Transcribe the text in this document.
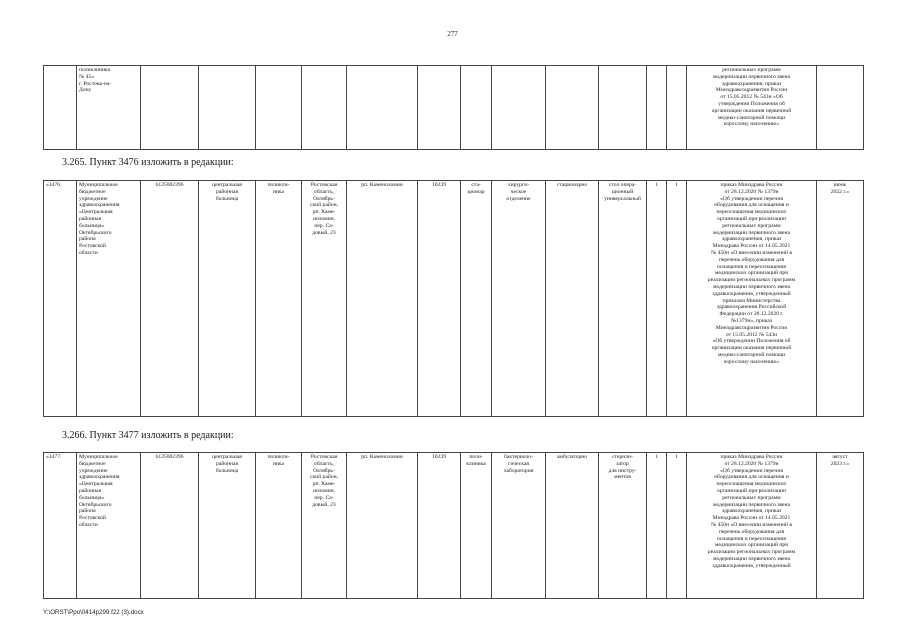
277
	поликлиника
№ 45»
г. Ростова-на-
Дону													региональных программ
модернизации первичного звена
здравоохранения, приказ
Минздравсоцразвития России
от 15.05.2012 № 543н «Об
утверждении Положения об
организации оказания первичной
медико-санитарной помощи
взрослому населению»	
3.265. Пункт 3476 изложить в редакции:
«3476.	Муниципальное
бюджетное
учреждение
здравоохранения
«Центральная
районная
больница»
Октябрьского
района
Ростовской
области	6125002396	центральная
районная
больница	поликли-
ника	Ростовская
область,
Октябрь-
ский район,
рп. Каме-
ноломни,
пер. Са-
довый, 23	рп. Каменоломни	10239	ста-
ционар	хирурги-
ческое
отделение	стационарно	стол опера-
ционный
универсальный	1	1	приказ Минздрава России
от 28.12.2020 № 1379н
«Об утверждении перечня
оборудования для оснащения и
переоснащения медицинских
организаций при реализации
региональных программ
модернизации первичного звена
здравоохранения, приказ
Минздрава России от 14.05.2021
№ 450н «О внесении изменений в
перечень оборудования для
оснащения и переоснащения
медицинских организаций при
реализации региональных программ
модернизации первичного звена
здравоохранения, утвержденный
приказом Министерства
здравоохранения Российской
Федерации от 28.12.2020 г.
№1379н», приказ
Минздравсоцразвития России
от 15.05.2012 № 543н
«Об утверждении Положения об
организации оказания первичной
медико-санитарной помощи
взрослому населению»	июнь
2022 г.»
3.266. Пункт 3477 изложить в редакции:
«3477.	Муниципальное
бюджетное
учреждение
здравоохранения
«Центральная
районная
больница»
Октябрьского
района
Ростовской
области	6125002396	центральная
районная
больница	поликли-
ника	Ростовская
область,
Октябрь-
ский район,
рп. Каме-
ноломни,
пер. Са-
довый, 23	рп. Каменоломни	10239	поли-
клиника	бактериоло-
гическая
лаборатория	амбулаторно	стерили-
затор
для инстру-
ментов	1	1	приказ Минздрава России
от 28.12.2020 № 1379н
«Об утверждении перечня
оборудования для оснащения и
переоснащения медицинских
организаций при реализации
региональных программ
модернизации первичного звена
здравоохранения, приказ
Минздрава России от 14.05.2021
№ 450н «О внесении изменений в
перечень оборудования для
оснащения и переоснащения
медицинских организаций при
реализации региональных программ
модернизации первичного звена
здравоохранения, утвержденный	август
2023 г.»
Y:\ORST\Ppo\0414p299.f22 (3).docx
